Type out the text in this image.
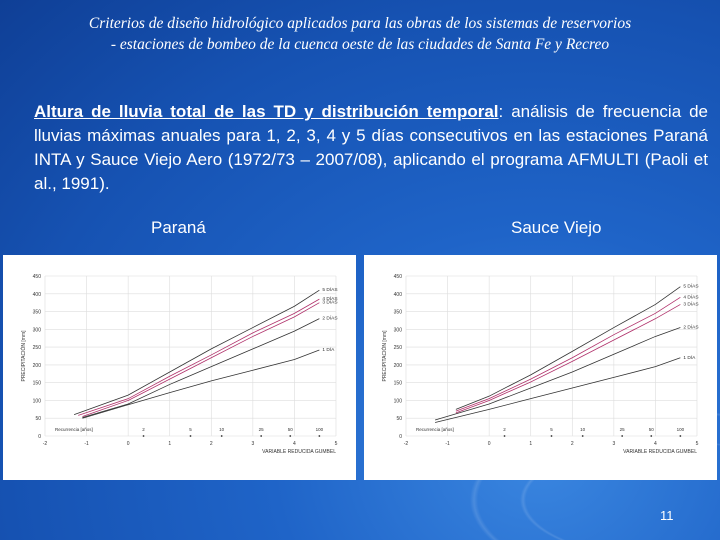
Criterios de diseño hidrológico aplicados para las obras de los sistemas de reservorios
- estaciones de bombeo de la cuenca oeste de las ciudades de Santa Fe y Recreo
Altura de lluvia total de las TD y distribución temporal: análisis de frecuencia de lluvias máximas anuales para 1, 2, 3, 4 y 5 días consecutivos en las estaciones Paraná INTA y Sauce Viejo Aero (1972/73 – 2007/08), aplicando el programa AFMULTI (Paoli et al., 1991).
Paraná	Sauce Viejo
0
50
100
150
200
250
300
350
400
450
-2	-1	0	1	2	3	4	5
VARIABLE REDUCIDA GUMBEL
PRECIPITACIÓN [mm]
Recurrencia [años]	2	5	10	25	50	100
5 DÍAS
4 DÍAS
3 DÍAS
2 DÍAS
1 DÍA
0
50
100
150
200
250
300
350
400
450
-2	-1	0	1	2	3	4	5
VARIABLE REDUCIDA GUMBEL
PRECIPITACIÓN [mm]
Recurrencia [años]	2	5	10	25	50	100
5 DÍAS
4 DÍAS
3 DÍAS
2 DÍAS
1 DÍA
11
